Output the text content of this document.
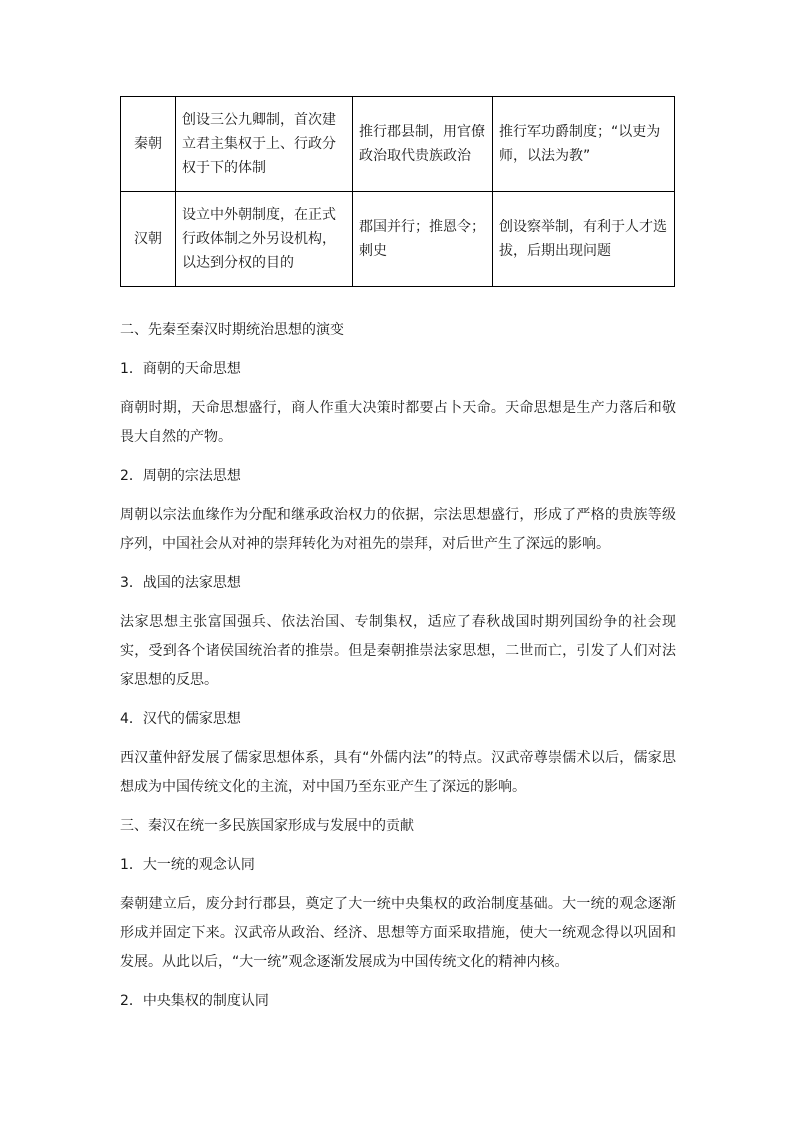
秦朝	创设三公九卿制，首次建立君主集权于上、行政分权于下的体制	推行郡县制，用官僚政治取代贵族政治	推行军功爵制度；“以吏为师，以法为教”
汉朝	设立中外朝制度，在正式行政体制之外另设机构，以达到分权的目的	郡国并行；推恩令；刺史	创设察举制，有利于人才选拔，后期出现问题

二、先秦至秦汉时期统治思想的演变

1．商朝的天命思想

商朝时期，天命思想盛行，商人作重大决策时都要占卜天命。天命思想是生产力落后和敬畏大自然的产物。

2．周朝的宗法思想

周朝以宗法血缘作为分配和继承政治权力的依据，宗法思想盛行，形成了严格的贵族等级序列，中国社会从对神的崇拜转化为对祖先的崇拜，对后世产生了深远的影响。

3．战国的法家思想

法家思想主张富国强兵、依法治国、专制集权，适应了春秋战国时期列国纷争的社会现实，受到各个诸侯国统治者的推崇。但是秦朝推崇法家思想，二世而亡，引发了人们对法家思想的反思。

4．汉代的儒家思想

西汉董仲舒发展了儒家思想体系，具有“外儒内法”的特点。汉武帝尊崇儒术以后，儒家思想成为中国传统文化的主流，对中国乃至东亚产生了深远的影响。

三、秦汉在统一多民族国家形成与发展中的贡献

1．大一统的观念认同

秦朝建立后，废分封行郡县，奠定了大一统中央集权的政治制度基础。大一统的观念逐渐形成并固定下来。汉武帝从政治、经济、思想等方面采取措施，使大一统观念得以巩固和发展。从此以后，“大一统”观念逐渐发展成为中国传统文化的精神内核。

2．中央集权的制度认同
